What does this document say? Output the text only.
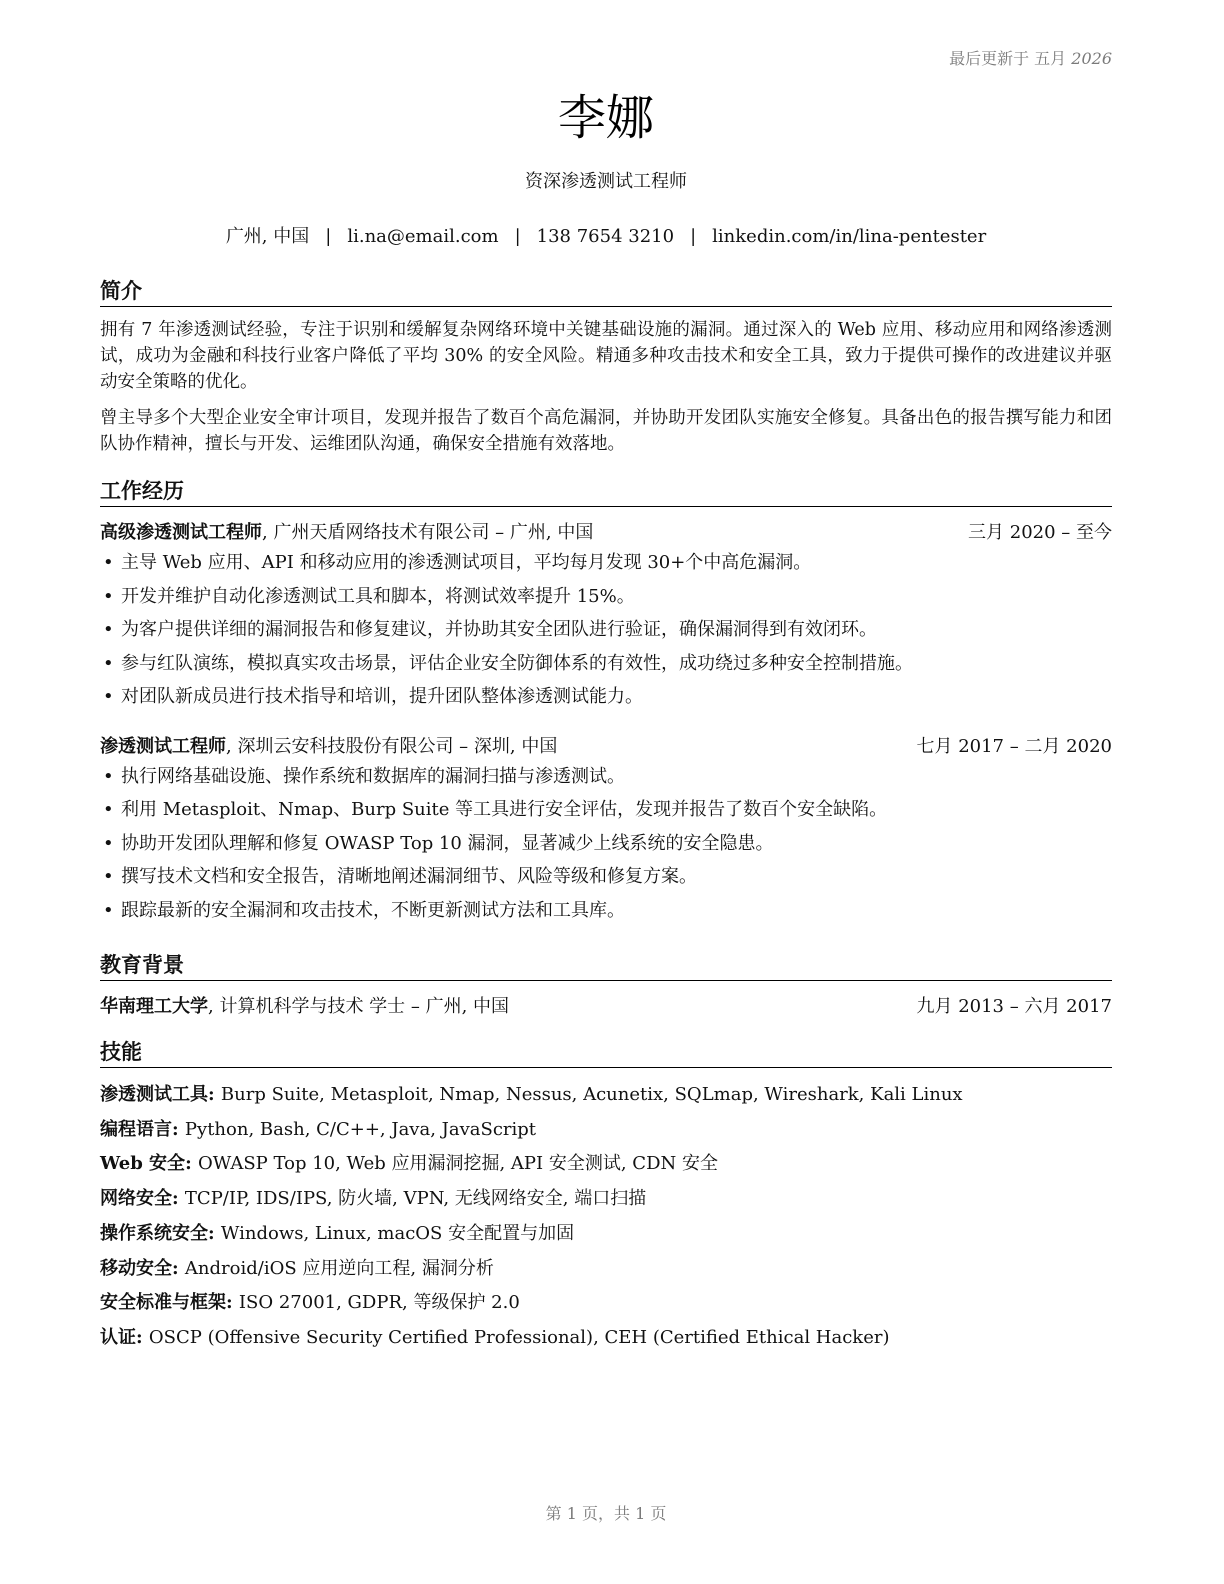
最后更新于 五月 2026
李娜
资深渗透测试工程师
广州, 中国 | li.na@email.com | 138 7654 3210 | linkedin.com/in/lina-pentester
简介

拥有 7 年渗透测试经验，专注于识别和缓解复杂网络环境中关键基础设施的漏洞。通过深入的 Web 应用、移动应用和网络渗透测试，成功为金融和科技行业客户降低了平均 30% 的安全风险。精通多种攻击技术和安全工具，致力于提供可操作的改进建议并驱动安全策略的优化。

曾主导多个大型企业安全审计项目，发现并报告了数百个高危漏洞，并协助开发团队实施安全修复。具备出色的报告撰写能力和团队协作精神，擅长与开发、运维团队沟通，确保安全措施有效落地。

工作经历
高级渗透测试工程师, 广州天盾网络技术有限公司 – 广州, 中国	三月 2020 – 至今
• 主导 Web 应用、API 和移动应用的渗透测试项目，平均每月发现 30+个中高危漏洞。
• 开发并维护自动化渗透测试工具和脚本，将测试效率提升 15%。
• 为客户提供详细的漏洞报告和修复建议，并协助其安全团队进行验证，确保漏洞得到有效闭环。
• 参与红队演练，模拟真实攻击场景，评估企业安全防御体系的有效性，成功绕过多种安全控制措施。
• 对团队新成员进行技术指导和培训，提升团队整体渗透测试能力。
渗透测试工程师, 深圳云安科技股份有限公司 – 深圳, 中国	七月 2017 – 二月 2020
• 执行网络基础设施、操作系统和数据库的漏洞扫描与渗透测试。
• 利用 Metasploit、Nmap、Burp Suite 等工具进行安全评估，发现并报告了数百个安全缺陷。
• 协助开发团队理解和修复 OWASP Top 10 漏洞，显著减少上线系统的安全隐患。
• 撰写技术文档和安全报告，清晰地阐述漏洞细节、风险等级和修复方案。
• 跟踪最新的安全漏洞和攻击技术，不断更新测试方法和工具库。
教育背景
华南理工大学, 计算机科学与技术 学士 – 广州, 中国	九月 2013 – 六月 2017
技能
渗透测试工具: Burp Suite, Metasploit, Nmap, Nessus, Acunetix, SQLmap, Wireshark, Kali Linux
编程语言: Python, Bash, C/C++, Java, JavaScript
Web 安全: OWASP Top 10, Web 应用漏洞挖掘, API 安全测试, CDN 安全
网络安全: TCP/IP, IDS/IPS, 防火墙, VPN, 无线网络安全, 端口扫描
操作系统安全: Windows, Linux, macOS 安全配置与加固
移动安全: Android/iOS 应用逆向工程, 漏洞分析
安全标准与框架: ISO 27001, GDPR, 等级保护 2.0
认证: OSCP (Offensive Security Certified Professional), CEH (Certified Ethical Hacker)
第 1 页，共 1 页
